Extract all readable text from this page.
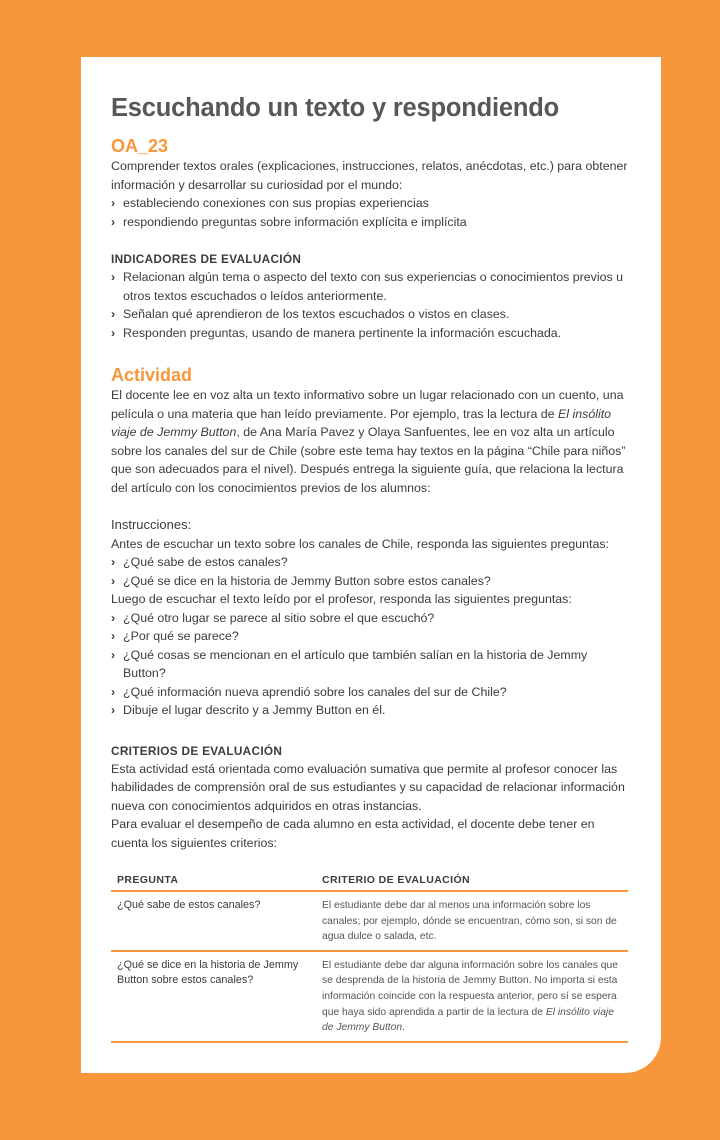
Escuchando un texto y respondiendo
OA_23

Comprender textos orales (explicaciones, instrucciones, relatos, anécdotas, etc.) para obtener información y desarrollar su curiosidad por el mundo:

› estableciendo conexiones con sus propias experiencias
› respondiendo preguntas sobre información explícita e implícita
INDICADORES DE EVALUACIÓN
› Relacionan algún tema o aspecto del texto con sus experiencias o conocimientos previos u otros textos escuchados o leídos anteriormente.
› Señalan qué aprendieron de los textos escuchados o vistos en clases.
› Responden preguntas, usando de manera pertinente la información escuchada.
Actividad

El docente lee en voz alta un texto informativo sobre un lugar relacionado con un cuento, una película o una materia que han leído previamente. Por ejemplo, tras la lectura de El insólito viaje de Jemmy Button, de Ana María Pavez y Olaya Sanfuentes, lee en voz alta un artículo sobre los canales del sur de Chile (sobre este tema hay textos en la página “Chile para niños” que son adecuados para el nivel). Después entrega la siguiente guía, que relaciona la lectura del artículo con los conocimientos previos de los alumnos:

Instrucciones:

Antes de escuchar un texto sobre los canales de Chile, responda las siguientes preguntas:

› ¿Qué sabe de estos canales?
› ¿Qué se dice en la historia de Jemmy Button sobre estos canales?

Luego de escuchar el texto leído por el profesor, responda las siguientes preguntas:

› ¿Qué otro lugar se parece al sitio sobre el que escuchó?
› ¿Por qué se parece?
› ¿Qué cosas se mencionan en el artículo que también salían en la historia de Jemmy Button?
› ¿Qué información nueva aprendió sobre los canales del sur de Chile?
› Dibuje el lugar descrito y a Jemmy Button en él.
CRITERIOS DE EVALUACIÓN

Esta actividad está orientada como evaluación sumativa que permite al profesor conocer las habilidades de comprensión oral de sus estudiantes y su capacidad de relacionar información nueva con conocimientos adquiridos en otras instancias.

Para evaluar el desempeño de cada alumno en esta actividad, el docente debe tener en cuenta los siguientes criterios:

PREGUNTA	CRITERIO DE EVALUACIÓN
¿Qué sabe de estos canales?	El estudiante debe dar al menos una información sobre los canales; por ejemplo, dónde se encuentran, cómo son, si son de agua dulce o salada, etc.
¿Qué se dice en la historia de Jemmy Button sobre estos canales?	El estudiante debe dar alguna información sobre los canales que se desprenda de la historia de Jemmy Button. No importa si esta información coincide con la respuesta anterior, pero sí se espera que haya sido aprendida a partir de la lectura de El insólito viaje de Jemmy Button.
